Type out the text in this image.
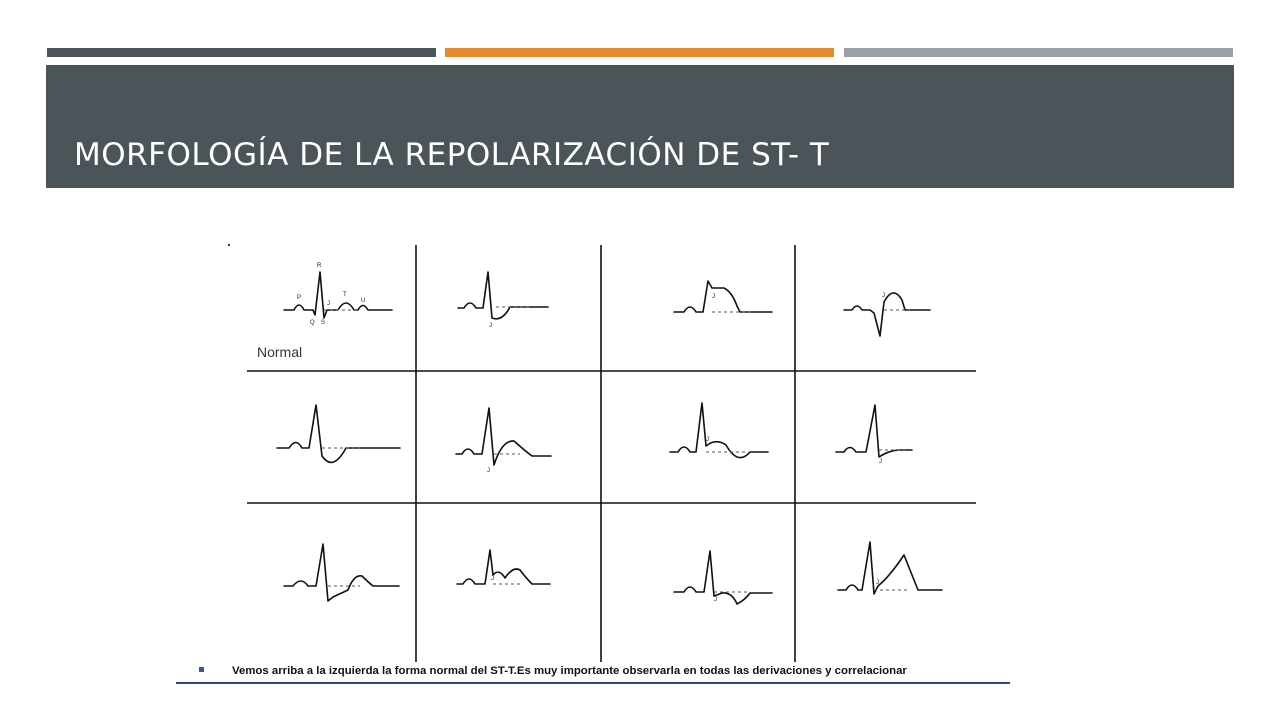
MORFOLOGÍA DE LA REPOLARIZACIÓN DE ST- T
Normal
R
P	T
U
J
Q S	J
J	J
J
J
J
J
J
J

Vemos arriba a la izquierda la forma normal del ST-T.Es muy importante observarla en todas las derivaciones y correlacionar
